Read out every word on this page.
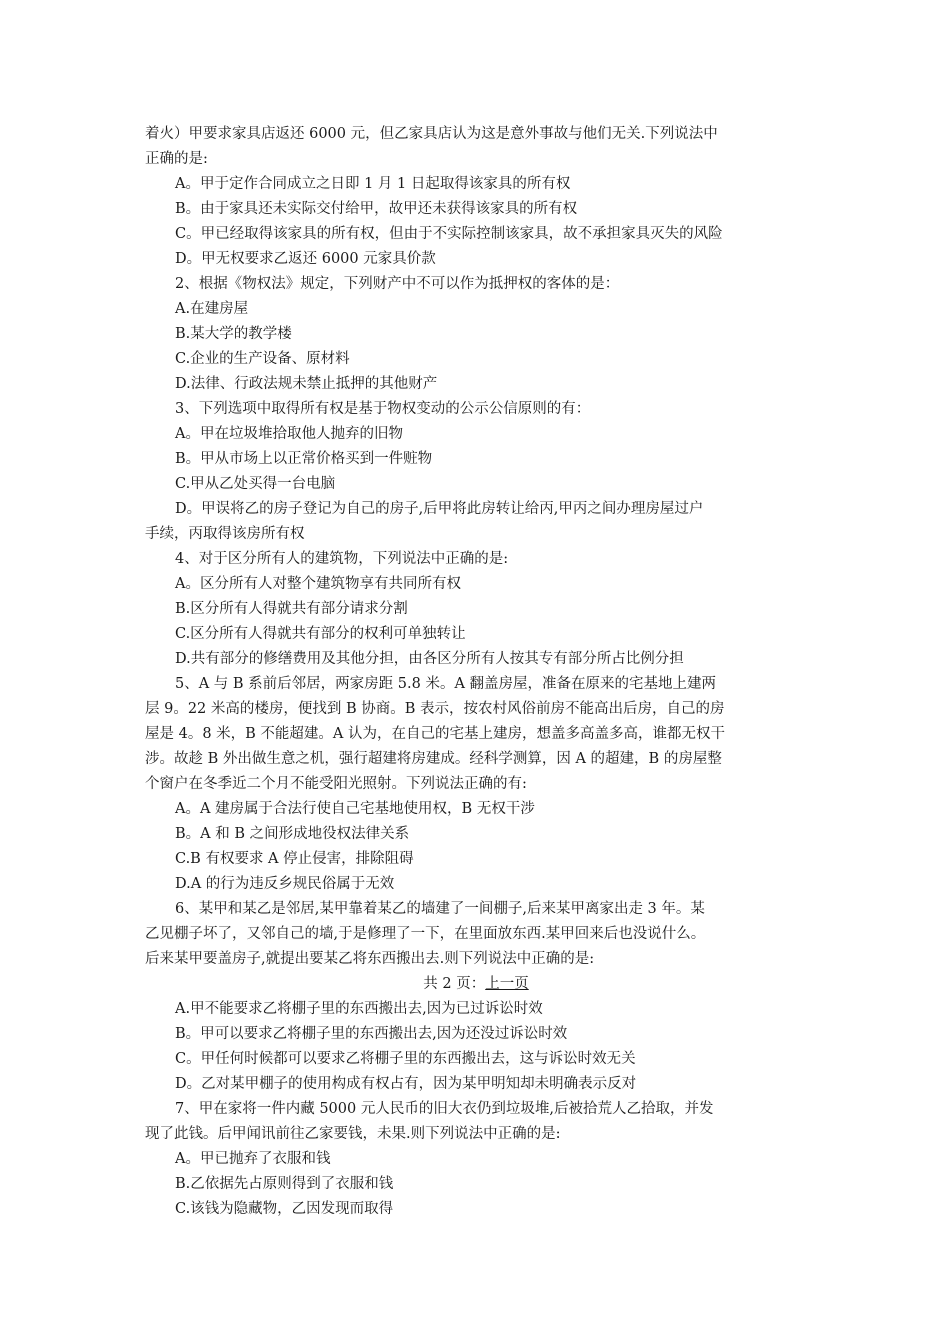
着火）甲要求家具店返还 6000 元，但乙家具店认为这是意外事故与他们无关.下列说法中
正确的是:
A。甲于定作合同成立之日即 1 月 1 日起取得该家具的所有权
B。由于家具还未实际交付给甲，故甲还未获得该家具的所有权
C。甲已经取得该家具的所有权，但由于不实际控制该家具，故不承担家具灭失的风险
D。甲无权要求乙返还 6000 元家具价款
2、根据《物权法》规定，下列财产中不可以作为抵押权的客体的是：
A.在建房屋
B.某大学的教学楼
C.企业的生产设备、原材料
D.法律、行政法规未禁止抵押的其他财产
3、下列选项中取得所有权是基于物权变动的公示公信原则的有：
A。甲在垃圾堆拾取他人抛弃的旧物
B。甲从市场上以正常价格买到一件赃物
C.甲从乙处买得一台电脑
D。甲误将乙的房子登记为自己的房子,后甲将此房转让给丙,甲丙之间办理房屋过户
手续，丙取得该房所有权
4、对于区分所有人的建筑物，下列说法中正确的是:
A。区分所有人对整个建筑物享有共同所有权
B.区分所有人得就共有部分请求分割
C.区分所有人得就共有部分的权利可单独转让
D.共有部分的修缮费用及其他分担，由各区分所有人按其专有部分所占比例分担
5、A 与 B 系前后邻居，两家房距 5.8 米。A 翻盖房屋，准备在原来的宅基地上建两
层 9。22 米高的楼房，便找到 B 协商。B 表示，按农村风俗前房不能高出后房，自己的房
屋是 4。8 米，B 不能超建。A 认为，在自己的宅基上建房，想盖多高盖多高，谁都无权干
涉。故趁 B 外出做生意之机，强行超建将房建成。经科学测算，因 A 的超建，B 的房屋整
个窗户在冬季近二个月不能受阳光照射。下列说法正确的有:
A。A 建房属于合法行使自己宅基地使用权，B 无权干涉
B。A 和 B 之间形成地役权法律关系
C.B 有权要求 A 停止侵害，排除阻碍
D.A 的行为违反乡规民俗属于无效
6、某甲和某乙是邻居,某甲靠着某乙的墙建了一间棚子,后来某甲离家出走 3 年。某
乙见棚子坏了，又邻自己的墙,于是修理了一下，在里面放东西.某甲回来后也没说什么。
后来某甲要盖房子,就提出要某乙将东西搬出去.则下列说法中正确的是:
共 2 页：上一页
A.甲不能要求乙将棚子里的东西搬出去,因为已过诉讼时效
B。甲可以要求乙将棚子里的东西搬出去,因为还没过诉讼时效
C。甲任何时候都可以要求乙将棚子里的东西搬出去，这与诉讼时效无关
D。乙对某甲棚子的使用构成有权占有，因为某甲明知却未明确表示反对
7、甲在家将一件内藏 5000 元人民币的旧大衣仍到垃圾堆,后被拾荒人乙拾取，并发
现了此钱。后甲闻讯前往乙家要钱，未果.则下列说法中正确的是:
A。甲已抛弃了衣服和钱
B.乙依据先占原则得到了衣服和钱
C.该钱为隐藏物，乙因发现而取得
